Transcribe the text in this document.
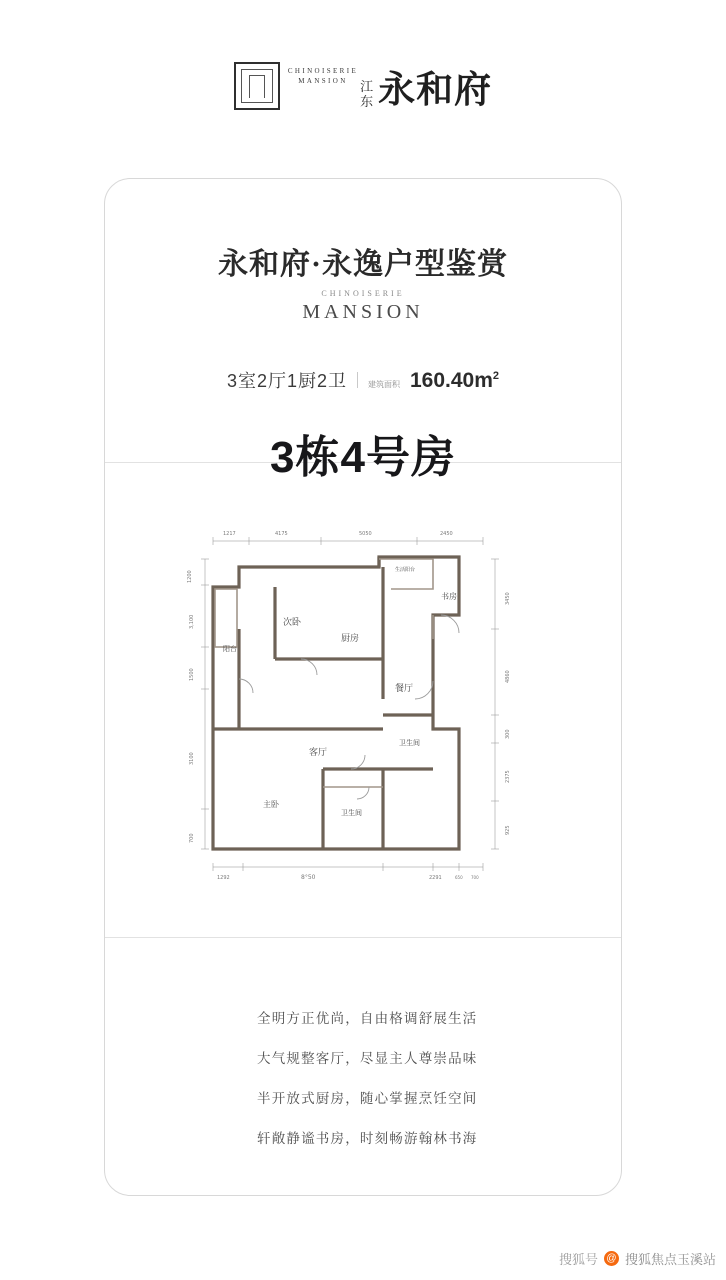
CHINOISERIE
MANSION 江
东 永和府
永和府·永逸户型鉴赏
CHINOISERIE
MANSION
3室2厅1厨2卫	建筑面积 $160.40m^2$
3栋4号房
阳台
次卧
厨房
生活阳台
书房
餐厅
客厅
主卧
卫生间
卫生间
1217	4175	5050	2450
1200
3,100
1500
3100
700
3450
4860
300
2375
925
1292	8°50	2291	650 700
全明方正优尚，自由格调舒展生活
大气规整客厅，尽显主人尊崇品味
半开放式厨房，随心掌握烹饪空间
轩敞静谧书房，时刻畅游翰林书海
搜狐号 @ 搜狐焦点玉溪站
